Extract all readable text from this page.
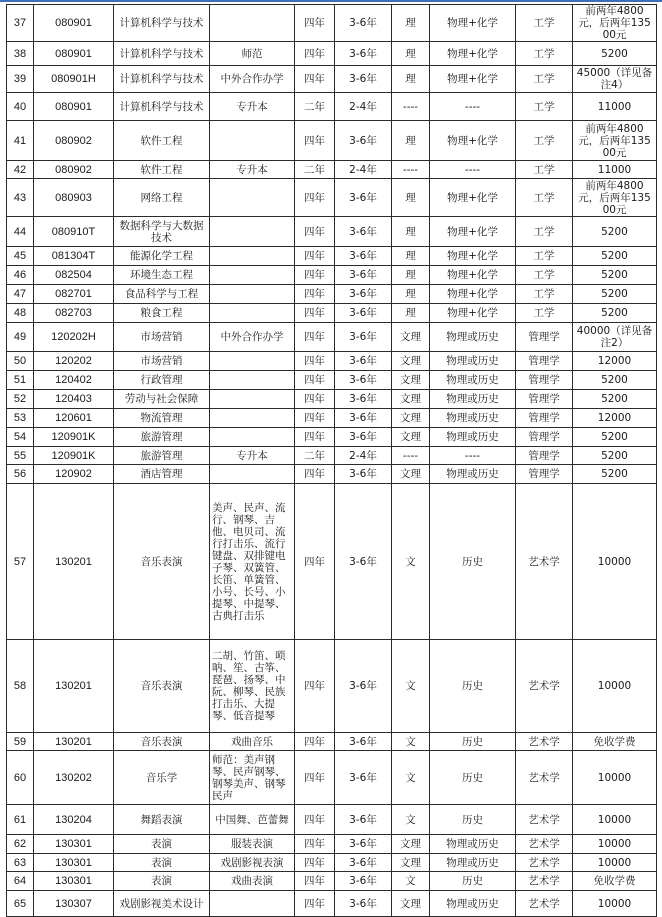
37	080901	计算机科学与技术		四年	3-6年	理	物理+化学	工学	前两年4800元，后两年13500元
38	080901	计算机科学与技术	师范	四年	3-6年	理	物理+化学	工学	5200
39	080901H	计算机科学与技术	中外合作办学	四年	3-6年	理	物理+化学	工学	45000（详见备注4）
40	080901	计算机科学与技术	专升本	二年	2-4年	----	----	工学	11000
41	080902	软件工程		四年	3-6年	理	物理+化学	工学	前两年4800元，后两年13500元
42	080902	软件工程	专升本	二年	2-4年	----	----	工学	11000
43	080903	网络工程		四年	3-6年	理	物理+化学	工学	前两年4800元，后两年13500元
44	080910T	数据科学与大数据技术		四年	3-6年	理	物理+化学	工学	5200
45	081304T	能源化学工程		四年	3-6年	理	物理+化学	工学	5200
46	082504	环境生态工程		四年	3-6年	理	物理+化学	工学	5200
47	082701	食品科学与工程		四年	3-6年	理	物理+化学	工学	5200
48	082703	粮食工程		四年	3-6年	理	物理+化学	工学	5200
49	120202H	市场营销	中外合作办学	四年	3-6年	文理	物理或历史	管理学	40000（详见备注2）
50	120202	市场营销		四年	3-6年	文理	物理或历史	管理学	12000
51	120402	行政管理		四年	3-6年	文理	物理或历史	管理学	5200
52	120403	劳动与社会保障		四年	3-6年	文理	物理或历史	管理学	5200
53	120601	物流管理		四年	3-6年	文理	物理或历史	管理学	12000
54	120901K	旅游管理		四年	3-6年	文理	物理或历史	管理学	5200
55	120901K	旅游管理	专升本	二年	2-4年	----	----	管理学	5200
56	120902	酒店管理		四年	3-6年	文理	物理或历史	管理学	5200
57	130201	音乐表演	美声、民声、流行、钢琴、吉他、电贝司、流行打击乐、流行键盘、双排键电子琴、双簧管、长笛、单簧管、小号、长号、小提琴、中提琴、古典打击乐	四年	3-6年	文	历史	艺术学	10000
58	130201	音乐表演	二胡、竹笛、唢呐、笙、古筝、琵琶、扬琴、中阮、柳琴、民族打击乐、大提琴、低音提琴	四年	3-6年	文	历史	艺术学	10000
59	130201	音乐表演	戏曲音乐	四年	3-6年	文	历史	艺术学	免收学费
60	130202	音乐学	师范：美声钢琴、民声钢琴、钢琴美声、钢琴民声	四年	3-6年	文	历史	艺术学	10000
61	130204	舞蹈表演	中国舞、芭蕾舞	四年	3-6年	文	历史	艺术学	10000
62	130301	表演	服装表演	四年	3-6年	文理	物理或历史	艺术学	10000
63	130301	表演	戏剧影视表演	四年	3-6年	文理	物理或历史	艺术学	10000
64	130301	表演	戏曲表演	四年	3-6年	文	历史	艺术学	免收学费
65	130307	戏剧影视美术设计		四年	3-6年	文理	物理或历史	艺术学	10000
